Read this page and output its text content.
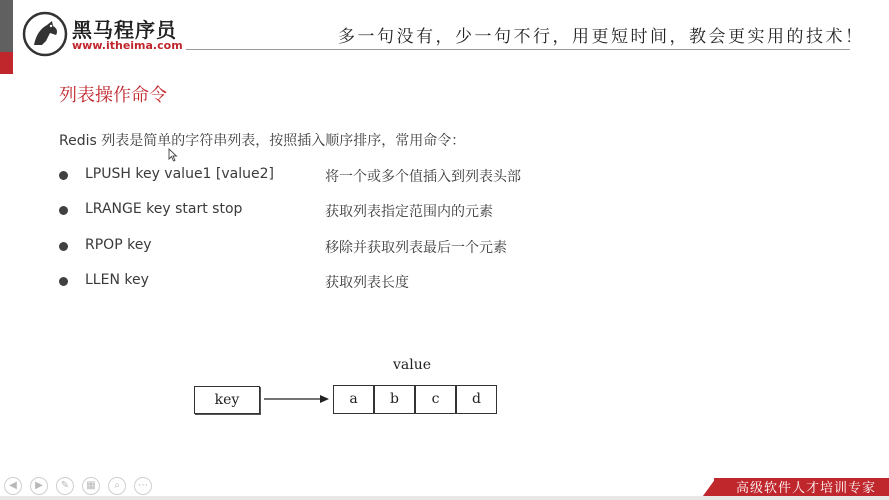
黑马程序员
www.itheima.com	多一句没有，少一句不行，用更短时间，教会更实用的技术！
列表操作命令
Redis 列表是简单的字符串列表，按照插入顺序排序，常用命令：
LPUSH key value1 [value2]	将一个或多个值插入到列表头部
LRANGE key start stop	获取列表指定范围内的元素
RPOP key	移除并获取列表最后一个元素
LLEN key	获取列表长度
value
key	a	b	c	d
◀	▶	✎	▦	⌕	⋯	高级软件人才培训专家
